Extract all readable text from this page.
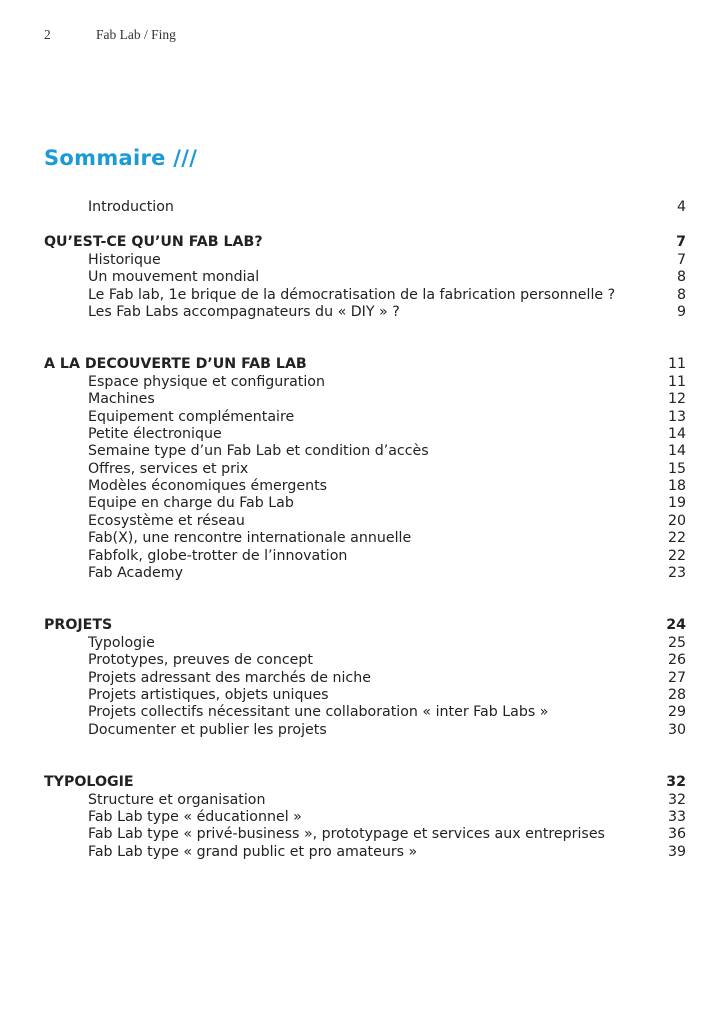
2	Fab Lab / Fing
Sommaire ///
Introduction	4
QU’EST-CE QU’UN FAB LAB?	7
Historique	7
Un mouvement mondial	8
Le Fab lab, 1e brique de la démocratisation de la fabrication personnelle ?	8
Les Fab Labs accompagnateurs du « DIY » ?	9
A LA DECOUVERTE D’UN FAB LAB	11
Espace physique et configuration	11
Machines	12
Equipement complémentaire	13
Petite électronique	14
Semaine type d’un Fab Lab et condition d’accès	14
Offres, services et prix	15
Modèles économiques émergents	18
Equipe en charge du Fab Lab	19
Ecosystème et réseau	20
Fab(X), une rencontre internationale annuelle	22
Fabfolk, globe-trotter de l’innovation	22
Fab Academy	23
PROJETS	24
Typologie	25
Prototypes, preuves de concept	26
Projets adressant des marchés de niche	27
Projets artistiques, objets uniques	28
Projets collectifs nécessitant une collaboration « inter Fab Labs »	29
Documenter et publier les projets	30
TYPOLOGIE	32
Structure et organisation	32
Fab Lab type « éducationnel »	33
Fab Lab type « privé-business », prototypage et services aux entreprises	36
Fab Lab type « grand public et pro amateurs »	39
